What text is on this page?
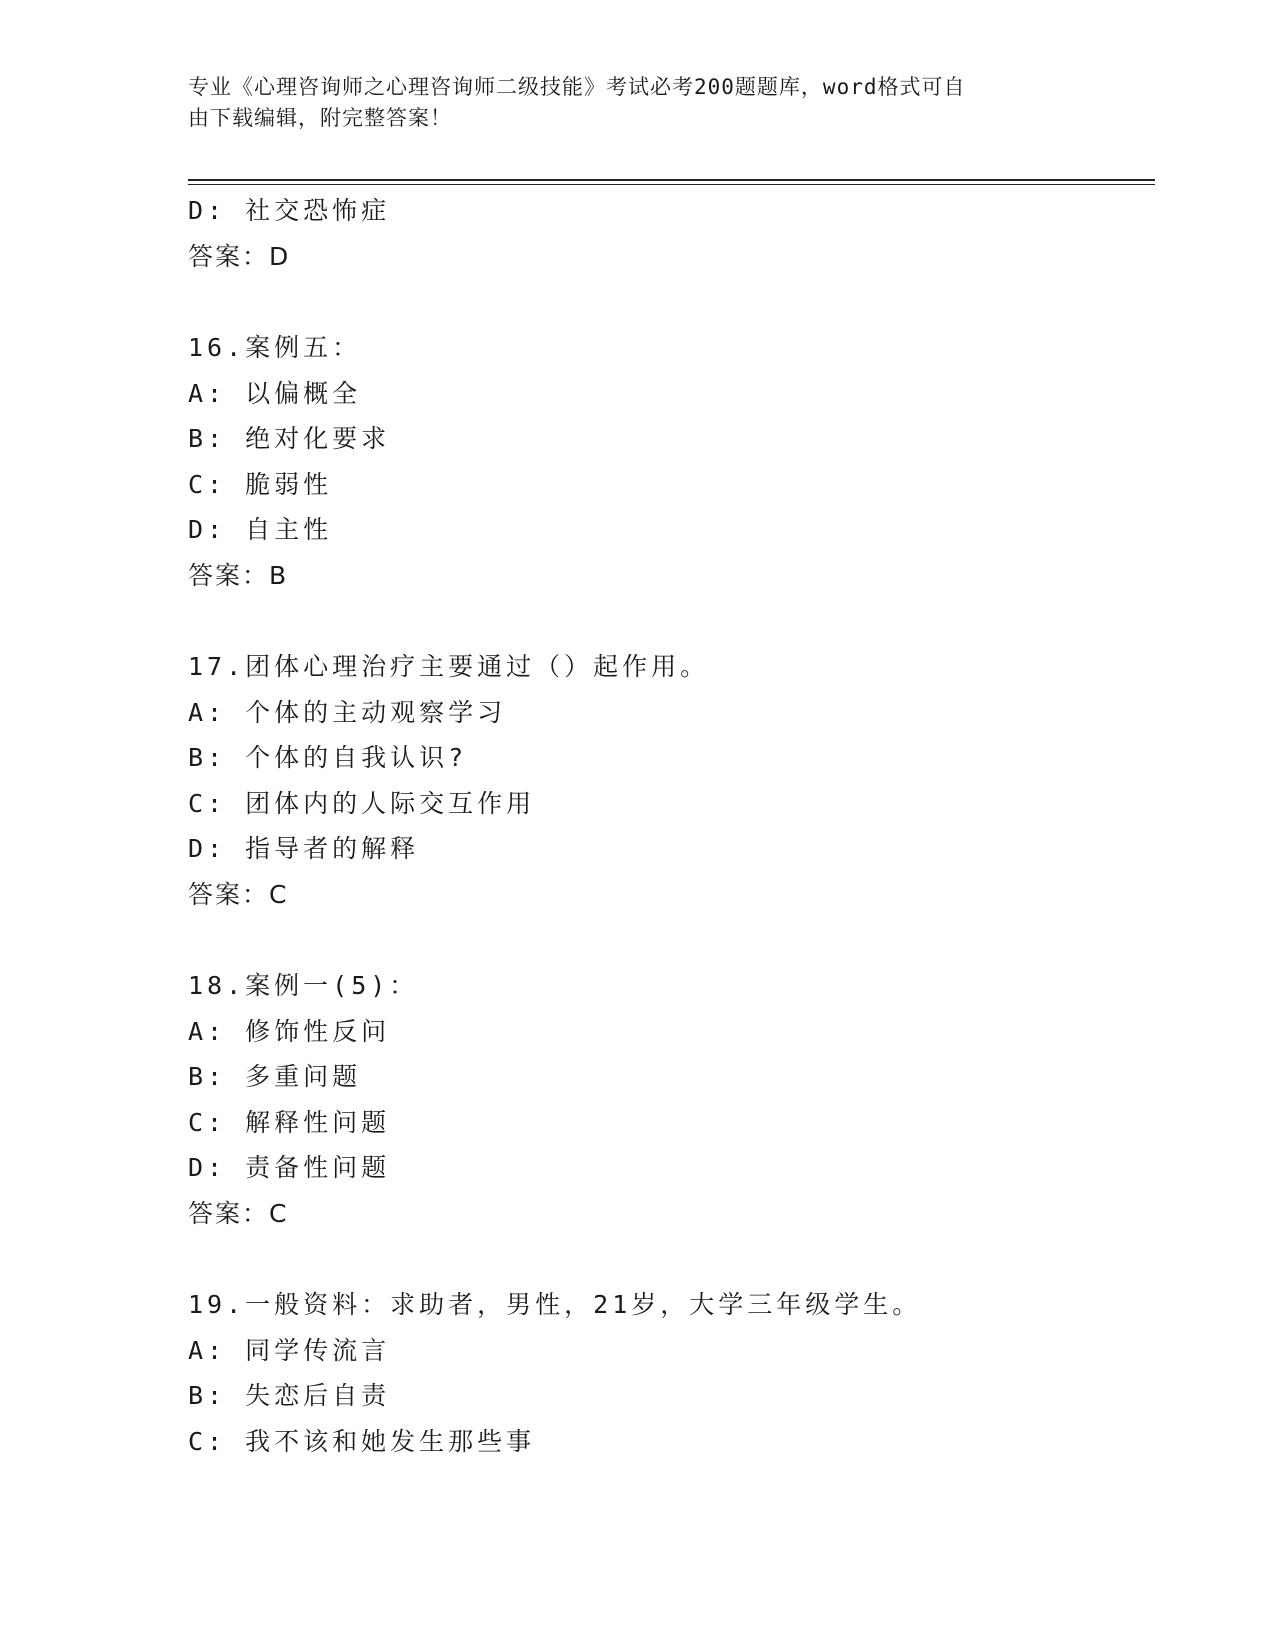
专业《心理咨询师之心理咨询师二级技能》考试必考200题题库，word格式可自
由下载编辑，附完整答案！
D: 社交恐怖症
答案：D
16.案例五：
A: 以偏概全
B: 绝对化要求
C: 脆弱性
D: 自主性
答案：B
17.团体心理治疗主要通过（）起作用。
A: 个体的主动观察学习
B: 个体的自我认识?
C: 团体内的人际交互作用
D: 指导者的解释
答案：C
18.案例一(5)：
A: 修饰性反问
B: 多重问题
C: 解释性问题
D: 责备性问题
答案：C
19.一般资料：求助者，男性，21岁，大学三年级学生。
A: 同学传流言
B: 失恋后自责
C: 我不该和她发生那些事
